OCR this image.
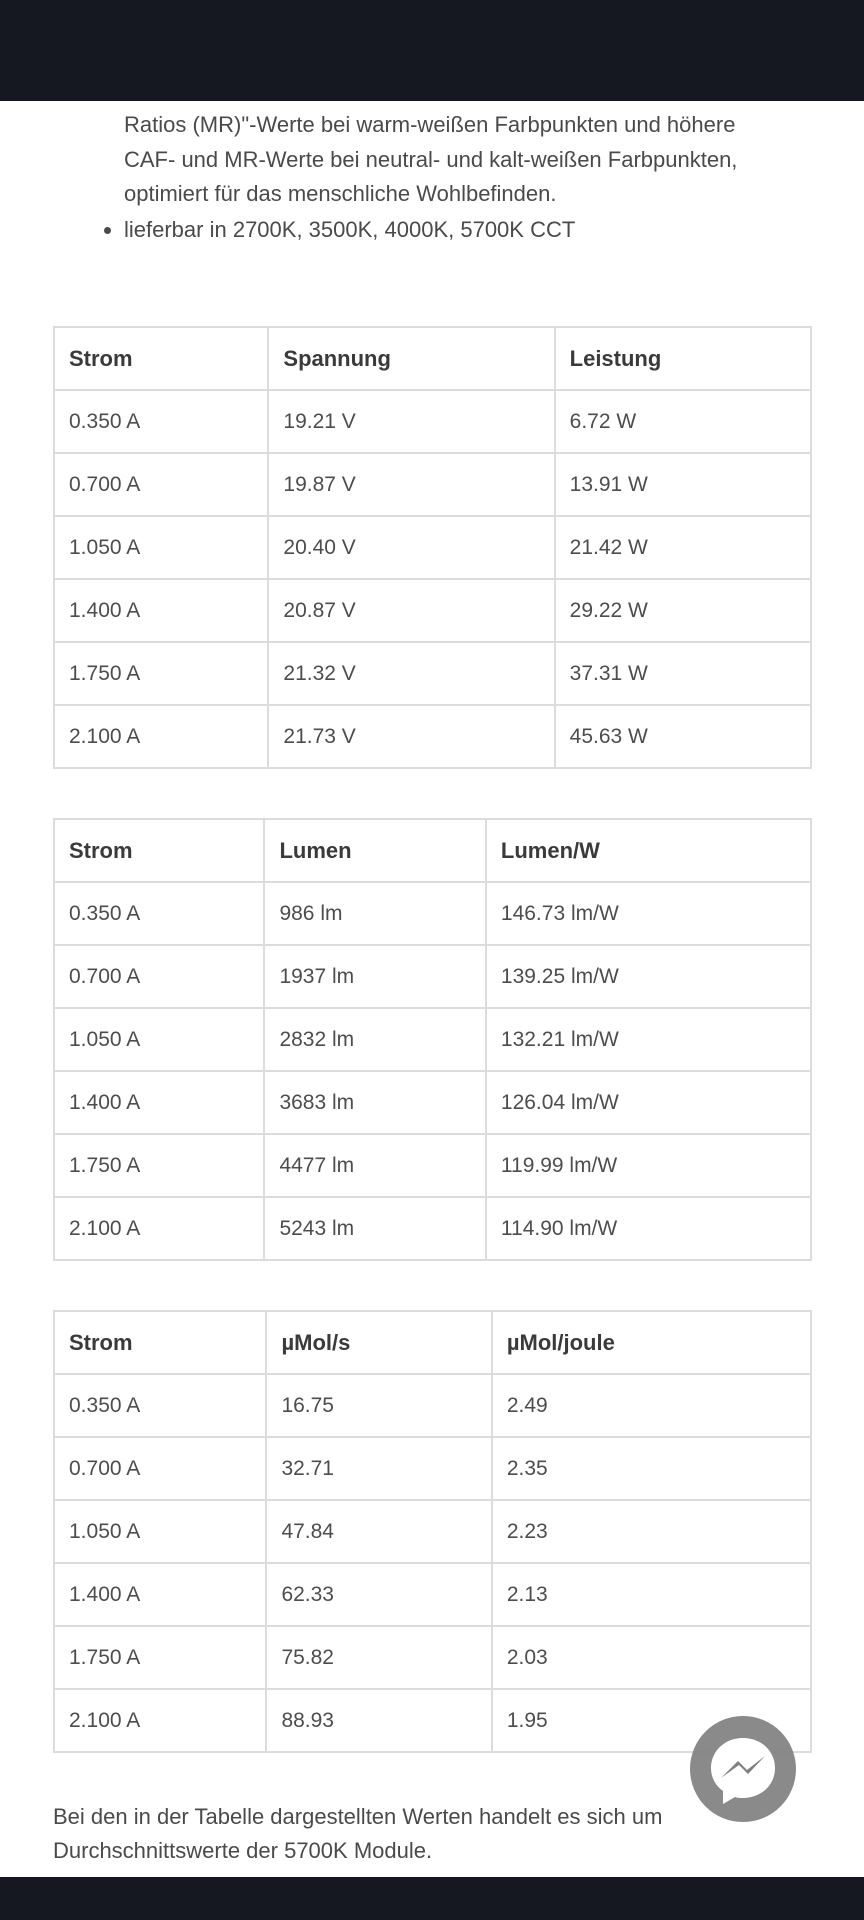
Ratios (MR)"-Werte bei warm-weißen Farbpunkten und höhere
CAF- und MR-Werte bei neutral- und kalt-weißen Farbpunkten,
optimiert für das menschliche Wohlbefinden.
lieferbar in 2700K, 3500K, 4000K, 5700K CCT
Strom	Spannung	Leistung
0.350 A	19.21 V	6.72 W
0.700 A	19.87 V	13.91 W
1.050 A	20.40 V	21.42 W
1.400 A	20.87 V	29.22 W
1.750 A	21.32 V	37.31 W
2.100 A	21.73 V	45.63 W
Strom	Lumen	Lumen/W
0.350 A	986 lm	146.73 lm/W
0.700 A	1937 lm	139.25 lm/W
1.050 A	2832 lm	132.21 lm/W
1.400 A	3683 lm	126.04 lm/W
1.750 A	4477 lm	119.99 lm/W
2.100 A	5243 lm	114.90 lm/W
Strom	µMol/s	µMol/joule
0.350 A	16.75	2.49
0.700 A	32.71	2.35
1.050 A	47.84	2.23
1.400 A	62.33	2.13
1.750 A	75.82	2.03
2.100 A	88.93	1.95
Bei den in der Tabelle dargestellten Werten handelt es sich um Durchschnittswerte der 5700K Module.
